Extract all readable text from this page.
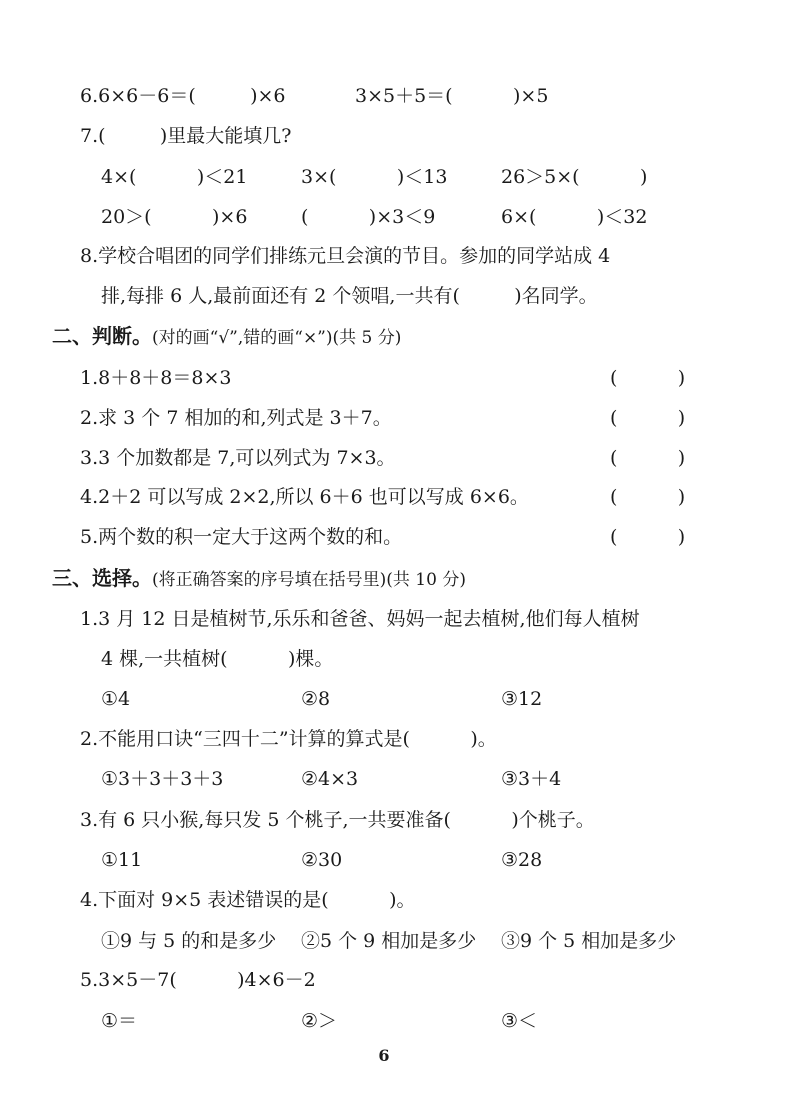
6.6×6－6＝(         )×6	3×5＋5＝(          )×5
7.(         )里最大能填几?
4×(          )＜21	3×(          )＜13	26＞5×(          )
20＞(          )×6	(          )×3＜9	6×(          )＜32
8.学校合唱团的同学们排练元旦会演的节目。参加的同学站成 4
排,每排 6 人,最前面还有 2 个领唱,一共有(         )名同学。
二、判断。(对的画“√”,错的画“×”)(共 5 分)
1.8＋8＋8＝8×3	(          )
2.求 3 个 7 相加的和,列式是 3＋7。	(          )
3.3 个加数都是 7,可以列式为 7×3。	(          )
4.2＋2 可以写成 2×2,所以 6＋6 也可以写成 6×6。	(          )
5.两个数的积一定大于这两个数的和。	(          )
三、选择。(将正确答案的序号填在括号里)(共 10 分)
1.3 月 12 日是植树节,乐乐和爸爸、妈妈一起去植树,他们每人植树
4 棵,一共植树(          )棵。
①4	②8	③12
2.不能用口诀“三四十二”计算的算式是(          )。
①3＋3＋3＋3	②4×3	③3＋4
3.有 6 只小猴,每只发 5 个桃子,一共要准备(          )个桃子。
①11	②30	③28
4.下面对 9×5 表述错误的是(          )。
①9 与 5 的和是多少 ②5 个 9 相加是多少 ③9 个 5 相加是多少
5.3×5－7(          )4×6－2
①＝	②＞	③＜
6
